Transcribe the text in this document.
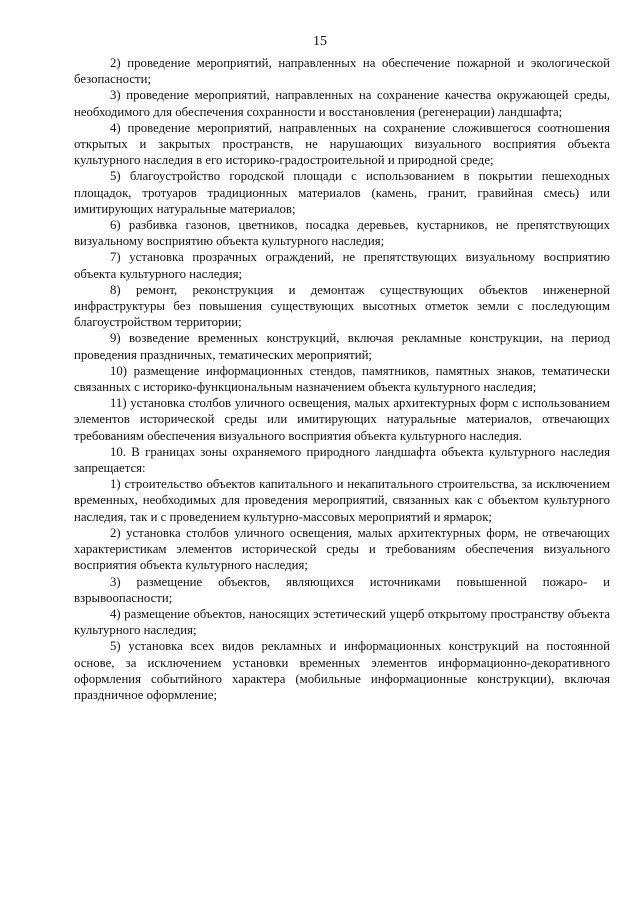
15

2) проведение мероприятий, направленных на обеспечение пожарной и экологической безопасности;

3) проведение мероприятий, направленных на сохранение качества окружающей среды, необходимого для обеспечения сохранности и восстановления (регенерации) ландшафта;

4) проведение мероприятий, направленных на сохранение сложившегося соотношения открытых и закрытых пространств, не нарушающих визуального восприятия объекта культурного наследия в его историко-градостроительной и природной среде;

5) благоустройство городской площади с использованием в покрытии пешеходных площадок, тротуаров традиционных материалов (камень, гранит, гравийная смесь) или имитирующих натуральные материалов;

6) разбивка газонов, цветников, посадка деревьев, кустарников, не препятствующих визуальному восприятию объекта культурного наследия;

7) установка прозрачных ограждений, не препятствующих визуальному восприятию объекта культурного наследия;

8) ремонт, реконструкция и демонтаж существующих объектов инженерной инфраструктуры без повышения существующих высотных отметок земли с последующим благоустройством территории;

9) возведение временных конструкций, включая рекламные конструкции, на период проведения праздничных, тематических мероприятий;

10) размещение информационных стендов, памятников, памятных знаков, тематически связанных с историко-функциональным назначением объекта культурного наследия;

11) установка столбов уличного освещения, малых архитектурных форм с использованием элементов исторической среды или имитирующих натуральные материалов, отвечающих требованиям обеспечения визуального восприятия объекта культурного наследия.

10. В границах зоны охраняемого природного ландшафта объекта культурного наследия запрещается:

1) строительство объектов капитального и некапитального строительства, за исключением временных, необходимых для проведения мероприятий, связанных как с объектом культурного наследия, так и с проведением культурно-массовых мероприятий и ярмарок;

2) установка столбов уличного освещения, малых архитектурных форм, не отвечающих характеристикам элементов исторической среды и требованиям обеспечения визуального восприятия объекта культурного наследия;

3) размещение объектов, являющихся источниками повышенной пожаро- и взрывоопасности;

4) размещение объектов, наносящих эстетический ущерб открытому пространству объекта культурного наследия;

5) установка всех видов рекламных и информационных конструкций на постоянной основе, за исключением установки временных элементов информационно-декоративного оформления событийного характера (мобильные информационные конструкции), включая праздничное оформление;
